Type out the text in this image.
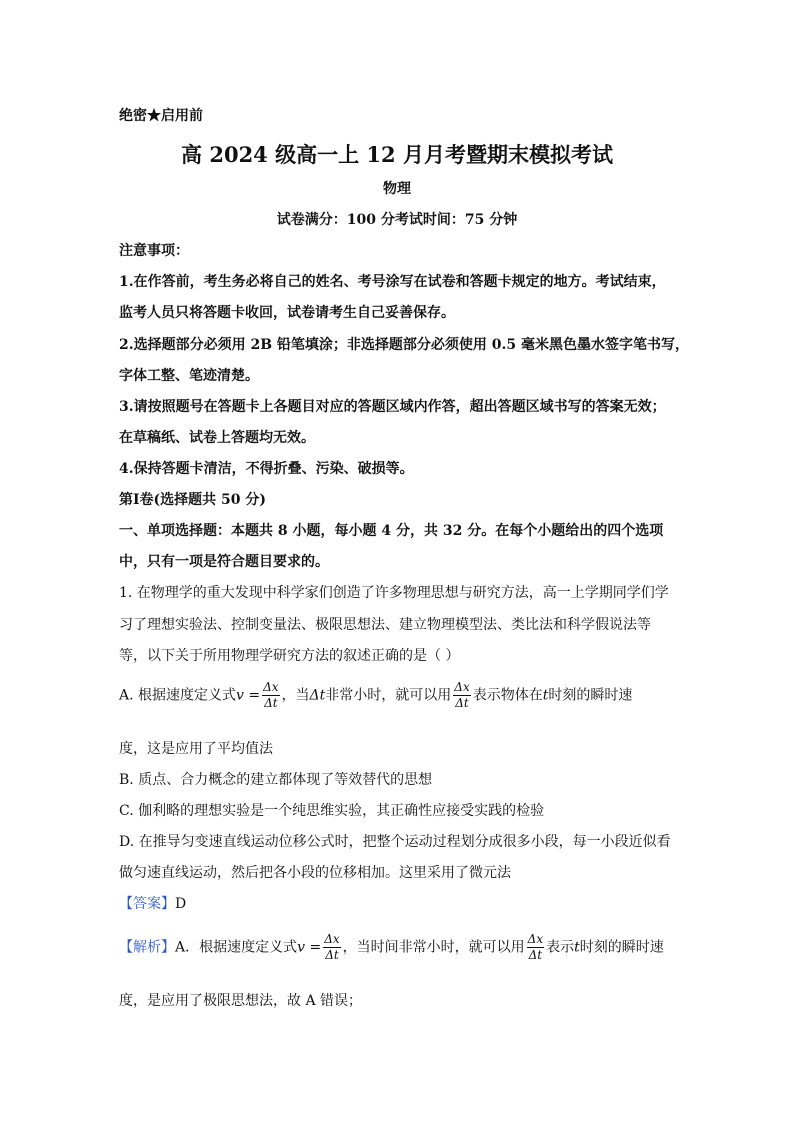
绝密★启用前
高 2024 级高一上 12 月月考暨期末模拟考试
物理
试卷满分：100 分考试时间：75 分钟
注意事项：
1.在作答前，考生务必将自己的姓名、考号涂写在试卷和答题卡规定的地方。考试结束，
监考人员只将答题卡收回，试卷请考生自己妥善保存。
2.选择题部分必须用 2B 铅笔填涂；非选择题部分必须使用 0.5 毫米黑色墨水签字笔书写，
字体工整、笔迹清楚。
3.请按照题号在答题卡上各题目对应的答题区域内作答，超出答题区域书写的答案无效；
在草稿纸、试卷上答题均无效。
4.保持答题卡清洁，不得折叠、污染、破损等。
第Ⅰ卷(选择题共 50 分)
一、单项选择题：本题共 8 小题，每小题 4 分，共 32 分。在每个小题给出的四个选项
中，只有一项是符合题目要求的。
1. 在物理学的重大发现中科学家们创造了许多物理思想与研究方法，高一上学期同学们学
习了理想实验法、控制变量法、极限思想法、建立物理模型法、类比法和科学假说法等
等，以下关于所用物理学研究方法的叙述正确的是（ ）
A. 根据速度定义式$v = \frac{\Delta x}{\Delta t}$ ，当Δt非常小时，就可以用 $\frac{\Delta x}{\Delta t}$ 表示物体在t时刻的瞬时速
度，这是应用了平均值法
B. 质点、合力概念的建立都体现了等效替代的思想
C. 伽利略的理想实验是一个纯思维实验，其正确性应接受实践的检验
D. 在推导匀变速直线运动位移公式时，把整个运动过程划分成很多小段，每一小段近似看
做匀速直线运动，然后把各小段的位移相加。这里采用了微元法
【答案】D
【解析】A．根据速度定义式$v = \frac{\Delta x}{\Delta t}$ ，当时间非常小时，就可以用 $\frac{\Delta x}{\Delta t}$ 表示t时刻的瞬时速
度，是应用了极限思想法，故 A 错误；
